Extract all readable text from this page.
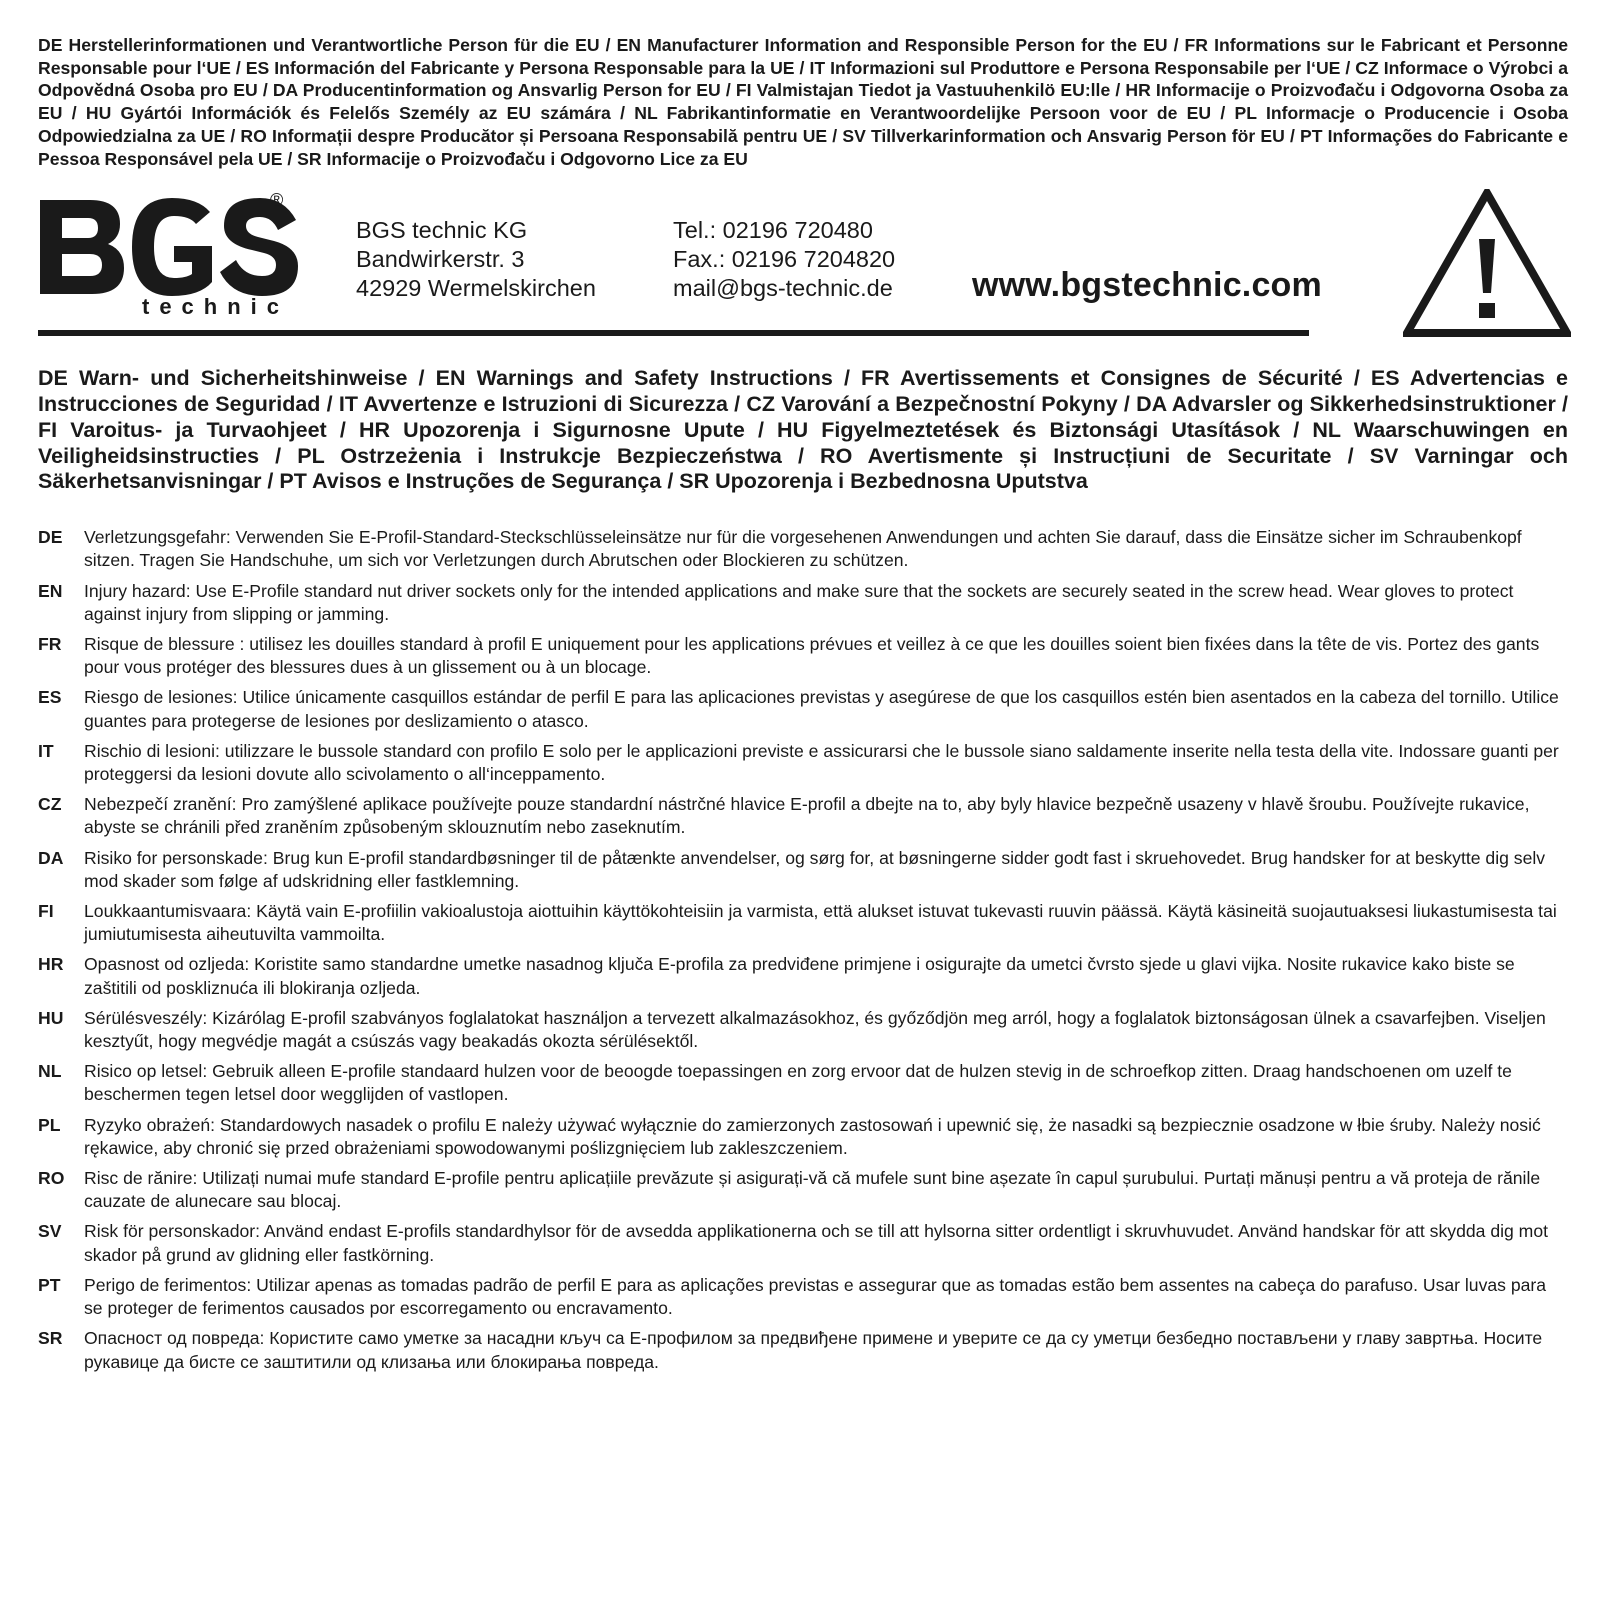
DE Herstellerinformationen und Verantwortliche Person für die EU / EN Manufacturer Information and Responsible Person for the EU / FR Informations sur le Fabricant et Personne Responsable pour l‘UE / ES Información del Fabricante y Persona Responsable para la UE / IT Informazioni sul Produttore e Persona Responsabile per l‘UE / CZ Informace o Výrobci a Odpovědná Osoba pro EU / DA Producentinformation og Ansvarlig Person for EU / FI Valmistajan Tiedot ja Vastuuhenkilö EU:lle / HR Informacije o Proizvođaču i Odgovorna Osoba za EU / HU Gyártói Információk és Felelős Személy az EU számára / NL Fabrikantinformatie en Verantwoordelijke Persoon voor de EU / PL Informacje o Producencie i Osoba Odpowiedzialna za UE / RO Informații despre Producător și Persoana Responsabilă pentru UE / SV Tillverkarinformation och Ansvarig Person för EU / PT Informações do Fabricante e Pessoa Responsável pela UE / SR Informacije o Proizvođaču i Odgovorno Lice za EU

®
technic
BGS technic KG
Bandwirkerstr. 3
42929 Wermelskirchen
Tel.: 02196 720480
Fax.: 02196 7204820
mail@bgs-technic.de www.bgstechnic.com
DE Warn- und Sicherheitshinweise / EN Warnings and Safety Instructions / FR Avertissements et Consignes de Sécurité / ES Advertencias e Instrucciones de Seguridad / IT Avvertenze e Istruzioni di Sicurezza / CZ Varování a Bezpečnostní Pokyny / DA Advarsler og Sikkerhedsinstruktioner / FI Varoitus- ja Turvaohjeet / HR Upozorenja i Sigurnosne Upute / HU Figyelmeztetések és Biztonsági Utasítások / NL Waarschuwingen en Veiligheidsinstructies / PL Ostrzeżenia i Instrukcje Bezpieczeństwa / RO Avertismente și Instrucțiuni de Securitate / SV Varningar och Säkerhetsanvisningar / PT Avisos e Instruções de Segurança / SR Upozorenja i Bezbednosna Uputstva
DE	Verletzungsgefahr: Verwenden Sie E-Profil-Standard-Steckschlüsseleinsätze nur für die vorgesehenen Anwendungen und achten Sie darauf, dass die Einsätze sicher im Schraubenkopf sitzen. Tragen Sie Handschuhe, um sich vor Verletzungen durch Abrutschen oder Blockieren zu schützen.
EN	Injury hazard: Use E-Profile standard nut driver sockets only for the intended applications and make sure that the sockets are securely seated in the screw head. Wear gloves to protect against injury from slipping or jamming.
FR	Risque de blessure : utilisez les douilles standard à profil E uniquement pour les applications prévues et veillez à ce que les douilles soient bien fixées dans la tête de vis. Portez des gants pour vous protéger des blessures dues à un glissement ou à un blocage.
ES	Riesgo de lesiones: Utilice únicamente casquillos estándar de perfil E para las aplicaciones previstas y asegúrese de que los casquillos estén bien asentados en la cabeza del tornillo. Utilice guantes para protegerse de lesiones por deslizamiento o atasco.
IT	Rischio di lesioni: utilizzare le bussole standard con profilo E solo per le applicazioni previste e assicurarsi che le bussole siano saldamente inserite nella testa della vite. Indossare guanti per proteggersi da lesioni dovute allo scivolamento o all‘inceppamento.
CZ	Nebezpečí zranění: Pro zamýšlené aplikace používejte pouze standardní nástrčné hlavice E-profil a dbejte na to, aby byly hlavice bezpečně usazeny v hlavě šroubu. Používejte rukavice, abyste se chránili před zraněním způsobeným sklouznutím nebo zaseknutím.
DA	Risiko for personskade: Brug kun E-profil standardbøsninger til de påtænkte anvendelser, og sørg for, at bøsningerne sidder godt fast i skruehovedet. Brug handsker for at beskytte dig selv mod skader som følge af udskridning eller fastklemning.
FI	Loukkaantumisvaara: Käytä vain E-profiilin vakioalustoja aiottuihin käyttökohteisiin ja varmista, että alukset istuvat tukevasti ruuvin päässä. Käytä käsineitä suojautuaksesi liukastumisesta tai jumiutumisesta aiheutuvilta vammoilta.
HR	Opasnost od ozljeda: Koristite samo standardne umetke nasadnog ključa E-profila za predviđene primjene i osigurajte da umetci čvrsto sjede u glavi vijka. Nosite rukavice kako biste se zaštitili od poskliznuća ili blokiranja ozljeda.
HU	Sérülésveszély: Kizárólag E-profil szabványos foglalatokat használjon a tervezett alkalmazásokhoz, és győződjön meg arról, hogy a foglalatok biztonságosan ülnek a csavarfejben. Viseljen kesztyűt, hogy megvédje magát a csúszás vagy beakadás okozta sérülésektől.
NL	Risico op letsel: Gebruik alleen E-profile standaard hulzen voor de beoogde toepassingen en zorg ervoor dat de hulzen stevig in de schroefkop zitten. Draag handschoenen om uzelf te beschermen tegen letsel door wegglijden of vastlopen.
PL	Ryzyko obrażeń: Standardowych nasadek o profilu E należy używać wyłącznie do zamierzonych zastosowań i upewnić się, że nasadki są bezpiecznie osadzone w łbie śruby. Należy nosić rękawice, aby chronić się przed obrażeniami spowodowanymi poślizgnięciem lub zakleszczeniem.
RO	Risc de rănire: Utilizați numai mufe standard E-profile pentru aplicațiile prevăzute și asigurați-vă că mufele sunt bine așezate în capul șurubului. Purtați mănuși pentru a vă proteja de rănile cauzate de alunecare sau blocaj.
SV	Risk för personskador: Använd endast E-profils standardhylsor för de avsedda applikationerna och se till att hylsorna sitter ordentligt i skruvhuvudet. Använd handskar för att skydda dig mot skador på grund av glidning eller fastkörning.
PT	Perigo de ferimentos: Utilizar apenas as tomadas padrão de perfil E para as aplicações previstas e assegurar que as tomadas estão bem assentes na cabeça do parafuso. Usar luvas para se proteger de ferimentos causados por escorregamento ou encravamento.
SR	Опасност од повреда: Користите само уметке за насадни кључ са Е-профилом за предвиђене примене и уверите се да су уметци безбедно постављени у главу завртња. Носите рукавице да бисте се заштитили од клизања или блокирања повреда.
